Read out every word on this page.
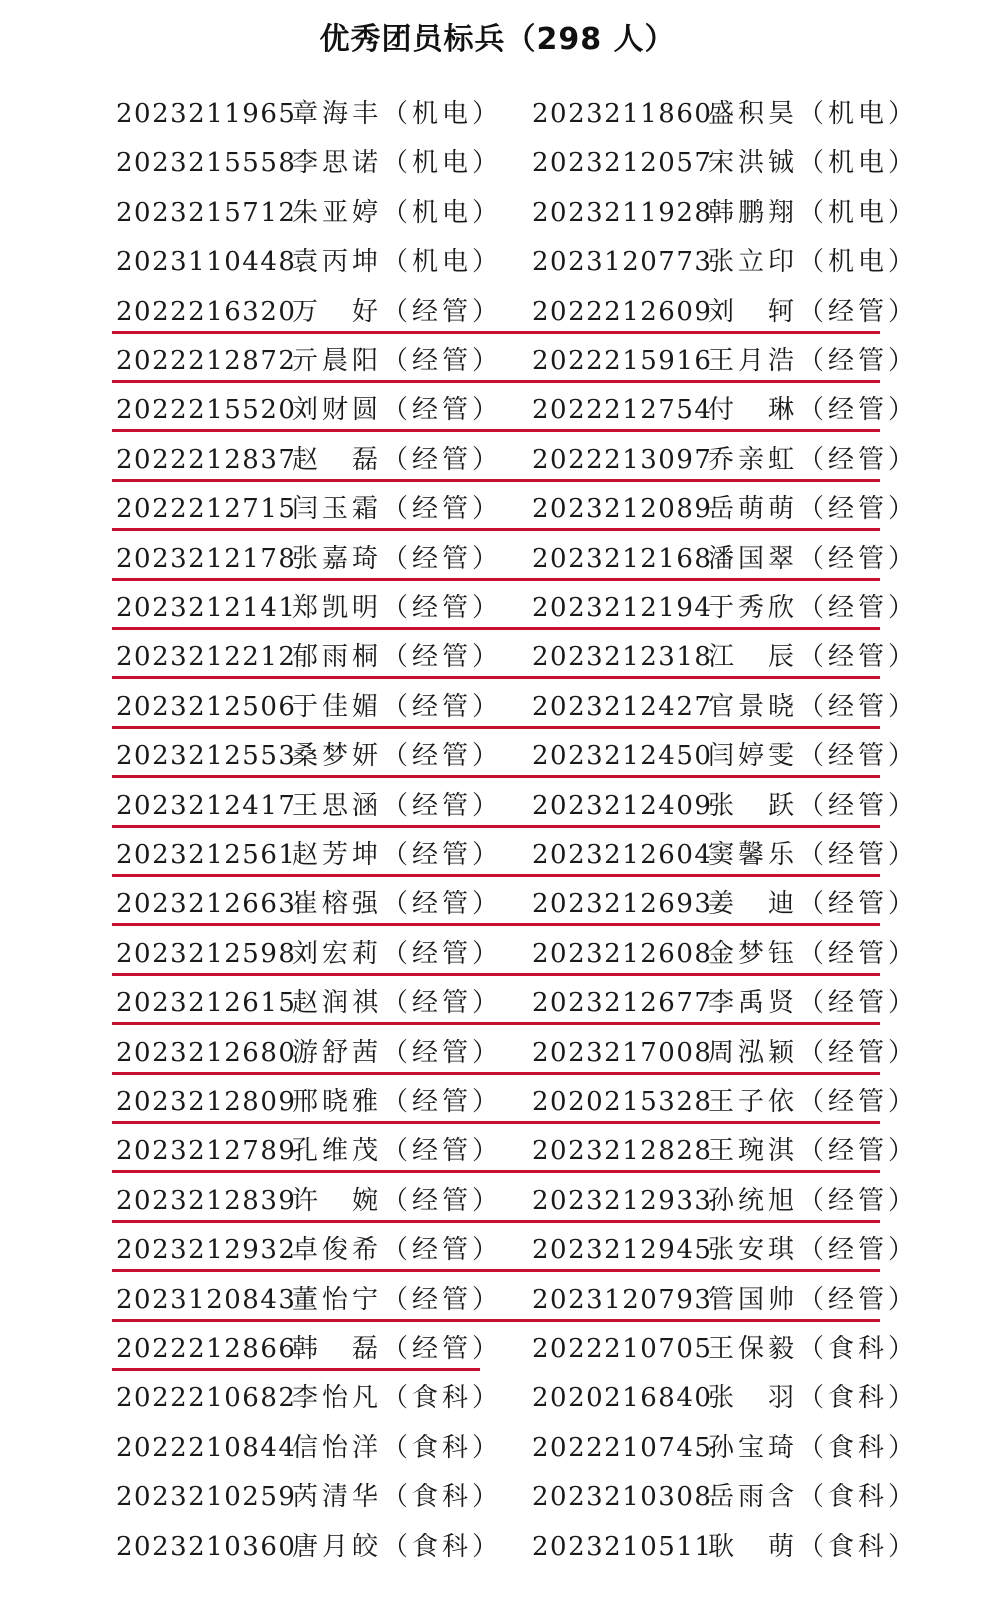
优秀团员标兵（298 人）
2023211965
章海丰（机电） 2023211860
盛积昊（机电）
2023215558
李思诺（机电） 2023212057
宋洪铖（机电）
2023215712
朱亚婷（机电） 2023211928
韩鹏翔（机电）
2023110448
袁丙坤（机电） 2023120773
张立印（机电）
2022216320
万　好（经管） 2022212609
刘　轲（经管）
2022212872
亓晨阳（经管） 2022215916
王月浩（经管）
2022215520
刘财圆（经管） 2022212754
付　琳（经管）
2022212837
赵　磊（经管） 2022213097
乔亲虹（经管）
2022212715
闫玉霜（经管） 2023212089
岳萌萌（经管）
2023212178
张嘉琦（经管） 2023212168
潘国翠（经管）
2023212141
郑凯明（经管） 2023212194
于秀欣（经管）
2023212212
郁雨桐（经管） 2023212318
江　辰（经管）
2023212506
于佳媚（经管） 2023212427
官景晓（经管）
2023212553
桑梦妍（经管） 2023212450
闫婷雯（经管）
2023212417
王思涵（经管） 2023212409
张　跃（经管）
2023212561
赵芳坤（经管） 2023212604
窦馨乐（经管）
2023212663
崔榕强（经管） 2023212693
姜　迪（经管）
2023212598
刘宏莉（经管） 2023212608
金梦钰（经管）
2023212615
赵润祺（经管） 2023212677
李禹贤（经管）
2023212680
游舒茜（经管） 2023217008
周泓颖（经管）
2023212809
邢晓雅（经管） 2020215328
王子依（经管）
2023212789
孔维茂（经管） 2023212828
王琬淇（经管）
2023212839
许　婉（经管） 2023212933
孙统旭（经管）
2023212932
卓俊希（经管） 2023212945
张安琪（经管）
2023120843
董怡宁（经管） 2023120793
管国帅（经管）
2022212866
韩　磊（经管） 2022210705
王保毅（食科）
2022210682
李怡凡（食科） 2020216840
张　羽（食科）
2022210844
信怡洋（食科） 2022210745
孙宝琦（食科）
2023210259
芮清华（食科） 2023210308
岳雨含（食科）
2023210360
唐月皎（食科） 2023210511
耿　萌（食科）
